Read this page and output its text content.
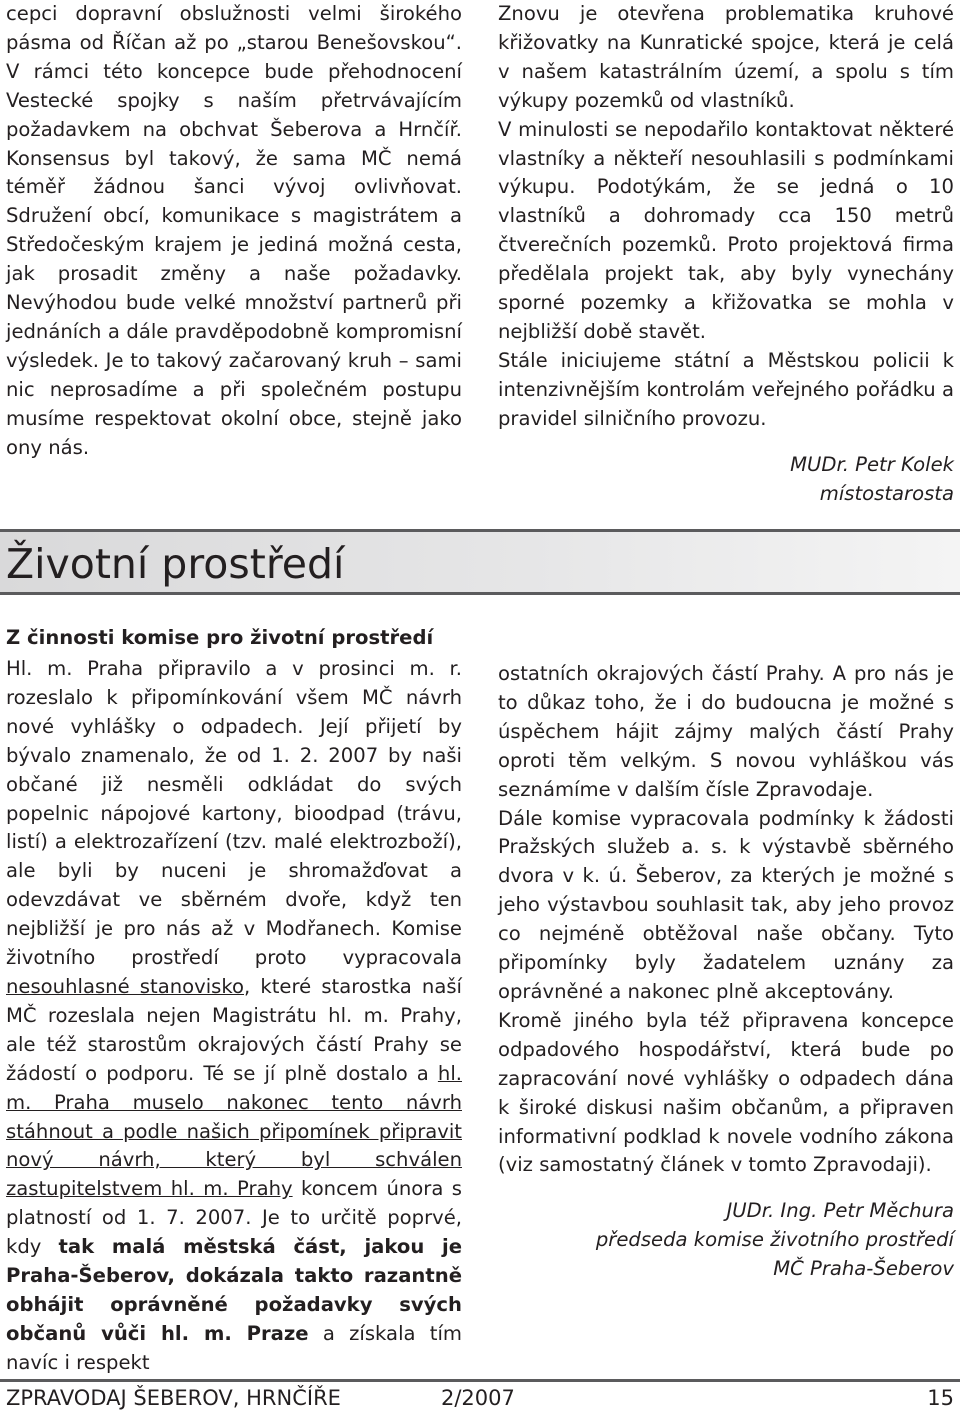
cepci dopravní obslužnosti velmi širokého pásma od Říčan až po „starou Benešovskou“. V rámci této koncepce bude přehodnocení Vestecké spojky s naším přetrvávajícím požadavkem na obchvat Šeberova a Hrnčíř. Konsensus byl takový, že sama MČ nemá téměř žádnou šanci vývoj ovlivňovat. Sdružení obcí, komunikace s magistrátem a Středočeským krajem je jediná možná cesta, jak prosadit změny a naše požadavky. Nevýhodou bude velké množství partnerů při jednáních a dále pravděpodobně kompromisní výsledek. Je to takový začarovaný kruh – sami nic neprosadíme a při společném postupu musíme respektovat okolní obce, stejně jako ony nás.

Znovu je otevřena problematika kruhové křižovatky na Kunratické spojce, která je celá v našem katastrálním území, a spolu s tím výkupy pozemků od vlastníků.

V minulosti se nepodařilo kontaktovat některé vlastníky a někteří nesouhlasili s podmínkami výkupu. Podotýkám, že se jedná o 10 vlastníků a dohromady cca 150 metrů čtverečních pozemků. Proto projektová firma předělala projekt tak, aby byly vynechány sporné pozemky a křižovatka se mohla v nejbližší době stavět.

Stále iniciujeme státní a Městskou policii k intenzivnějším kontrolám veřejného pořádku a pravidel silničního provozu.

MUDr. Petr Kolek

místostarosta

Životní prostředí
Z činnosti komise pro životní prostředí

Hl. m. Praha připravilo a v prosinci m. r. rozeslalo k připomínkování všem MČ návrh nové vyhlášky o odpadech. Její přijetí by bývalo znamenalo, že od 1. 2. 2007 by naši občané již nesměli odkládat do svých popelnic nápojové kartony, bioodpad (trávu, listí) a elektrozařízení (tzv. malé elektrozboží), ale byli by nuceni je shromažďovat a odevzdávat ve sběrném dvoře, když ten nejbližší je pro nás až v Modřanech. Komise životního prostředí proto vypracovala nesouhlasné stanovisko, které starostka naší MČ rozeslala nejen Magistrátu hl. m. Prahy, ale též starostům okrajových částí Prahy se žádostí o podporu. Té se jí plně dostalo a hl. m. Praha muselo nakonec tento návrh stáhnout a podle našich připomínek připravit nový návrh, který byl schválen zastupitelstvem hl. m. Prahy koncem února s platností od 1. 7. 2007. Je to určitě poprvé, kdy tak malá městská část, jakou je Praha-Šeberov, dokázala takto razantně obhájit oprávněné požadavky svých občanů vůči hl. m. Praze a získala tím navíc i respekt

ostatních okrajových částí Prahy. A pro nás je to důkaz toho, že i do budoucna je možné s úspěchem hájit zájmy malých částí Prahy oproti těm velkým. S novou vyhláškou vás seznámíme v dalším čísle Zpravodaje.

Dále komise vypracovala podmínky k žádosti Pražských služeb a. s. k výstavbě sběrného dvora v k. ú. Šeberov, za kterých je možné s jeho výstavbou souhlasit tak, aby jeho provoz co nejméně obtěžoval naše občany. Tyto připomínky byly žadatelem uznány za oprávněné a nakonec plně akceptovány.

Kromě jiného byla též připravena koncepce odpadového hospodářství, která bude po zapracování nové vyhlášky o odpadech dána k široké diskusi našim občanům, a připraven informativní podklad k novele vodního zákona (viz samostatný článek v tomto Zpravodaji).

JUDr. Ing. Petr Měchura

předseda komise životního prostředí

MČ Praha-Šeberov

ZPRAVODAJ ŠEBEROV, HRNČÍŘE	2/2007	15
